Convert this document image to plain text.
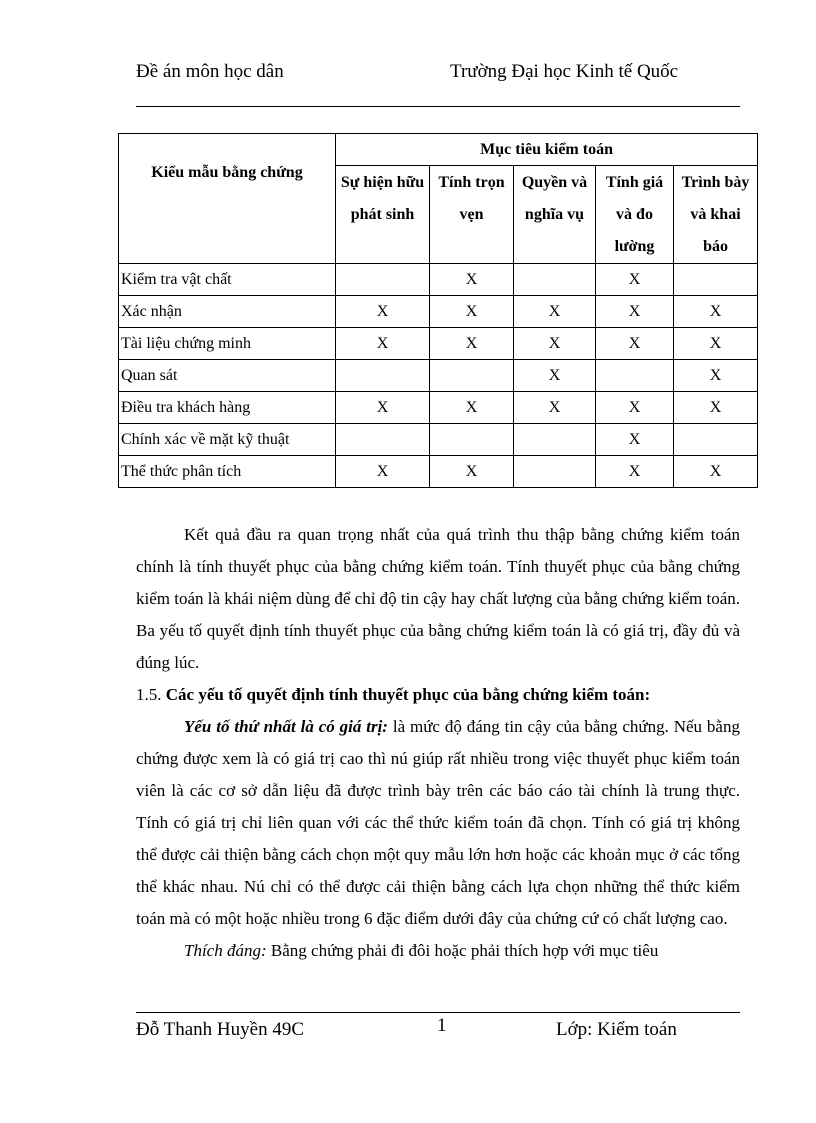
Đề án môn học dân	Trường Đại học Kinh tế Quốc
Kiểu mẫu bằng chứng	Mục tiêu kiểm toán				
	Sự hiện hữu phát sinh	Tính trọn vẹn	Quyền và nghĩa vụ	Tính giá và đo lường	Trình bày và khai báo
Kiểm tra vật chất		X		X	
Xác nhận	X	X	X	X	X
Tài liệu chứng minh	X	X	X	X	X
Quan sát			X		X
Điều tra khách hàng	X	X	X	X	X
Chính xác về mặt kỹ thuật				X	
Thể thức phân tích	X	X		X	X

Kết quả đầu ra quan trọng nhất của quá trình thu thập bằng chứng kiểm toán chính là tính thuyết phục của bằng chứng kiểm toán. Tính thuyết phục của bằng chứng kiểm toán là khái niệm dùng để chỉ độ tin cậy hay chất lượng của bằng chứng kiểm toán. Ba yếu tố quyết định tính thuyết phục của bằng chứng kiểm toán là có giá trị, đầy đủ và đúng lúc.

1.5. Các yếu tố quyết định tính thuyết phục của bằng chứng kiểm toán:

Yếu tố thứ nhất là có giá trị: là mức độ đáng tin cậy của bằng chứng. Nếu bằng chứng được xem là có giá trị cao thì nú giúp rất nhiều trong việc thuyết phục kiểm toán viên là các cơ sở dẫn liệu đã được trình bày trên các báo cáo tài chính là trung thực. Tính có giá trị chỉ liên quan với các thể thức kiểm toán đã chọn. Tính có giá trị không thể được cải thiện bằng cách chọn một quy mẫu lớn hơn hoặc các khoản mục ở các tổng thể khác nhau. Nú chỉ có thể được cải thiện bằng cách lựa chọn những thể thức kiểm toán mà có một hoặc nhiều trong 6 đặc điểm dưới đây của chứng cứ có chất lượng cao.

Thích đáng: Bằng chứng phải đi đôi hoặc phải thích hợp với mục tiêu

Đỗ Thanh Huyền 49C	1	Lớp: Kiểm toán
